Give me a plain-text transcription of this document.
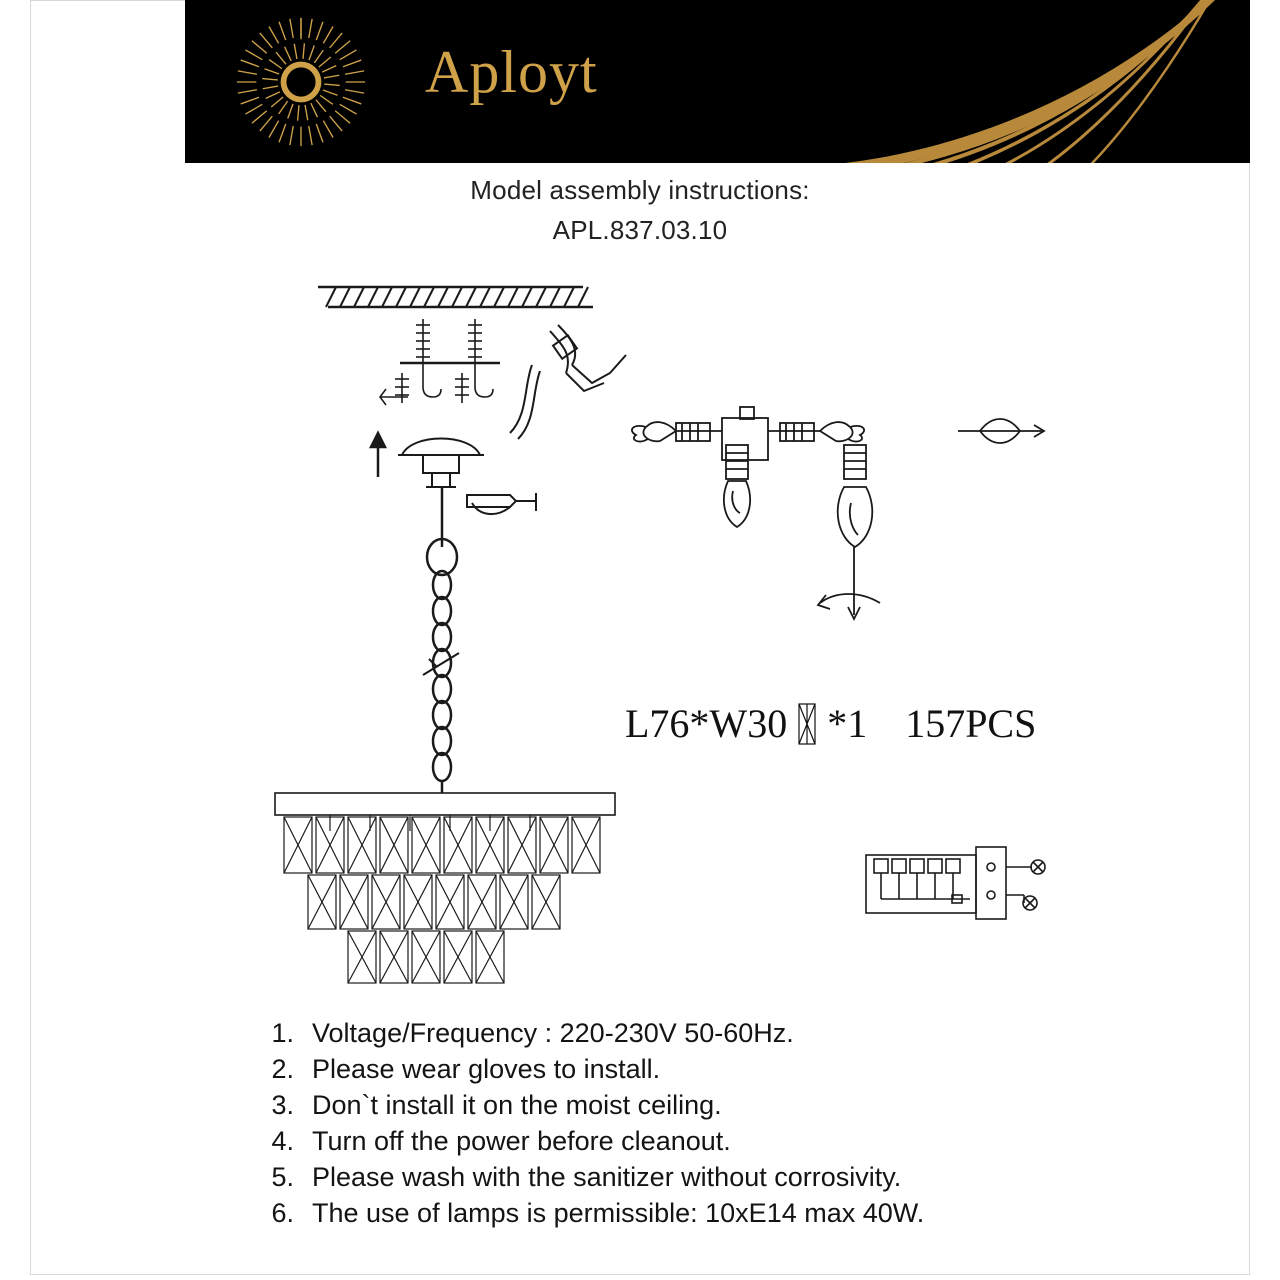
Aployt
Model assembly instructions:
APL.837.03.10
L76*W30 *1 157PCS
1. Voltage/Frequency : 220-230V 50-60Hz.
2. Please wear gloves to install.
3. Don`t install it on the moist ceiling.
4. Turn off the power before cleanout.
5. Please wash with the sanitizer without corrosivity.
6. The use of lamps is permissible: 10xE14 max 40W.
